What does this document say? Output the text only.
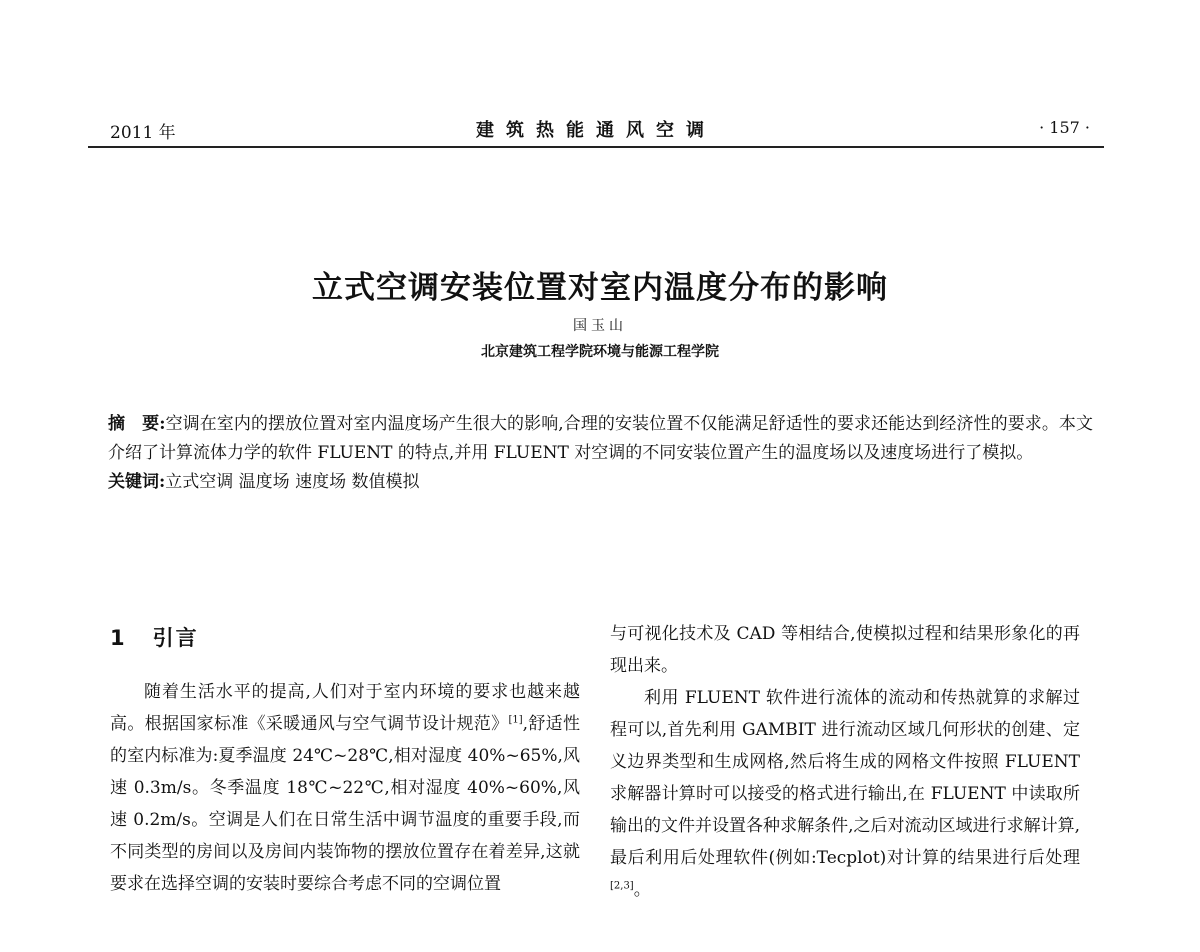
2011 年	建筑热能通风空调	· 157 ·
立式空调安装位置对室内温度分布的影响
国玉山
北京建筑工程学院环境与能源工程学院

摘　要:空调在室内的摆放位置对室内温度场产生很大的影响,合理的安装位置不仅能满足舒适性的要求还能达到经济性的要求。本文介绍了计算流体力学的软件 FLUENT 的特点,并用 FLUENT 对空调的不同安装位置产生的温度场以及速度场进行了模拟。

关键词:立式空调 温度场 速度场 数值模拟

1 引言

随着生活水平的提高,人们对于室内环境的要求也越来越高。根据国家标准《采暖通风与空气调节设计规范》[1],舒适性的室内标准为:夏季温度 24℃~28℃,相对湿度 40%~65%,风速 0.3m/s。冬季温度 18℃~22℃,相对湿度 40%~60%,风速 0.2m/s。空调是人们在日常生活中调节温度的重要手段,而不同类型的房间以及房间内装饰物的摆放位置存在着差异,这就要求在选择空调的安装时要综合考虑不同的空调位置

与可视化技术及 CAD 等相结合,使模拟过程和结果形象化的再现出来。

利用 FLUENT 软件进行流体的流动和传热就算的求解过程可以,首先利用 GAMBIT 进行流动区域几何形状的创建、定义边界类型和生成网格,然后将生成的网格文件按照 FLUENT 求解器计算时可以接受的格式进行输出,在 FLUENT 中读取所输出的文件并设置各种求解条件,之后对流动区域进行求解计算,最后利用后处理软件(例如:Tecplot)对计算的结果进行后处理[2,3]。
